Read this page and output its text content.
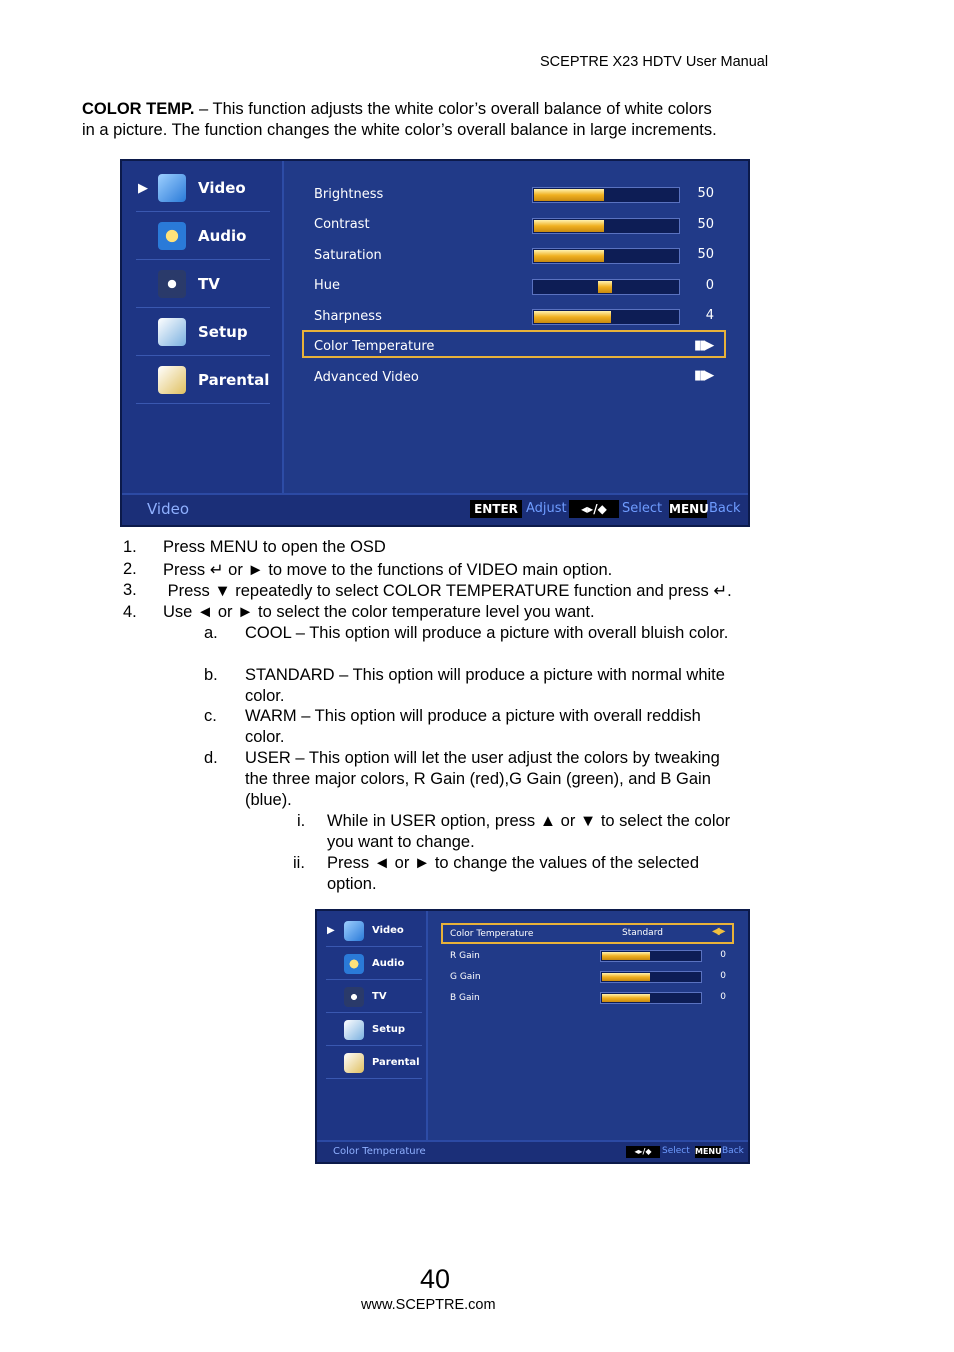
SCEPTRE X23 HDTV User Manual
COLOR TEMP. – This function adjusts the white color’s overall balance of white colors
in a picture. The function changes the white color’s overall balance in large increments.
▶	Video
Audio
TV
Setup
Parental
Brightness	50
Contrast	50
Saturation	50
Hue	0
Sharpness	4
Color Temperature	▮▮▶
Advanced Video	▮▮▶
Video	ENTER Adjust	◂▸/◆	Select MENU Back
1. Press MENU to open the OSD
2. Press ↵ or ► to move to the functions of VIDEO main option.
3. Press ▼ repeatedly to select COLOR TEMPERATURE function and press ↵.
4. Use ◄ or ► to select the color temperature level you want.
a. COOL – This option will produce a picture with overall bluish color.
b. STANDARD – This option will produce a picture with normal white
color.
c. WARM – This option will produce a picture with overall reddish
color.
d. USER – This option will let the user adjust the colors by tweaking
the three major colors, R Gain (red),G Gain (green), and B Gain
(blue).
i. While in USER option, press ▲ or ▼ to select the color
you want to change.
ii. Press ◄ or ► to change the values of the selected
option.
▶	Video
Audio
TV
Setup
Parental
Color Temperature	Standard	◀▶
R Gain	0
G Gain	0
B Gain	0
Color Temperature	◂▸/◆	Select MENU Back
40
www.SCEPTRE.com
